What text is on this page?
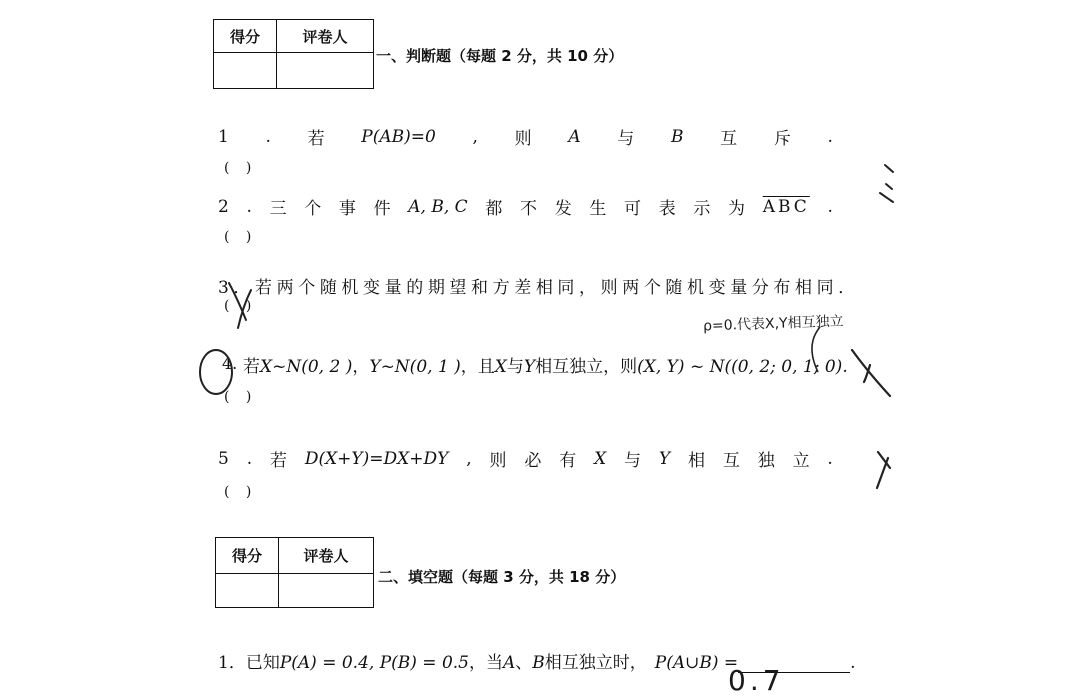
得分	评卷人

一、判断题（每题 2 分，共 10 分）
1 . 若 P(AB)=0 , 则 A 与 B 互 斥 .
( )
2 . 三 个 事 件 A, B, C 都 不 发 生 可 表 示 为 $\overline{ABC}$ .
( )
3．若两个随机变量的期望和方差相同，则两个随机变量分布相同．
( )
4. 若X~N(0, 2 )，Y~N(0, 1 )，且X与Y相互独立，则(X, Y) ~ N((0, 2; 0, 1; 0).
( )
5 . 若 D(X+Y)=DX+DY , 则 必 有 X 与 Y 相 互 独 立 .
( )
得分	评卷人

二、填空题（每题 3 分，共 18 分）
1．已知P(A) = 0.4, P(B) = 0.5，当A、B相互独立时， P(A∪B) =	.
ρ=0.代表X,Y相互独立
0.7
